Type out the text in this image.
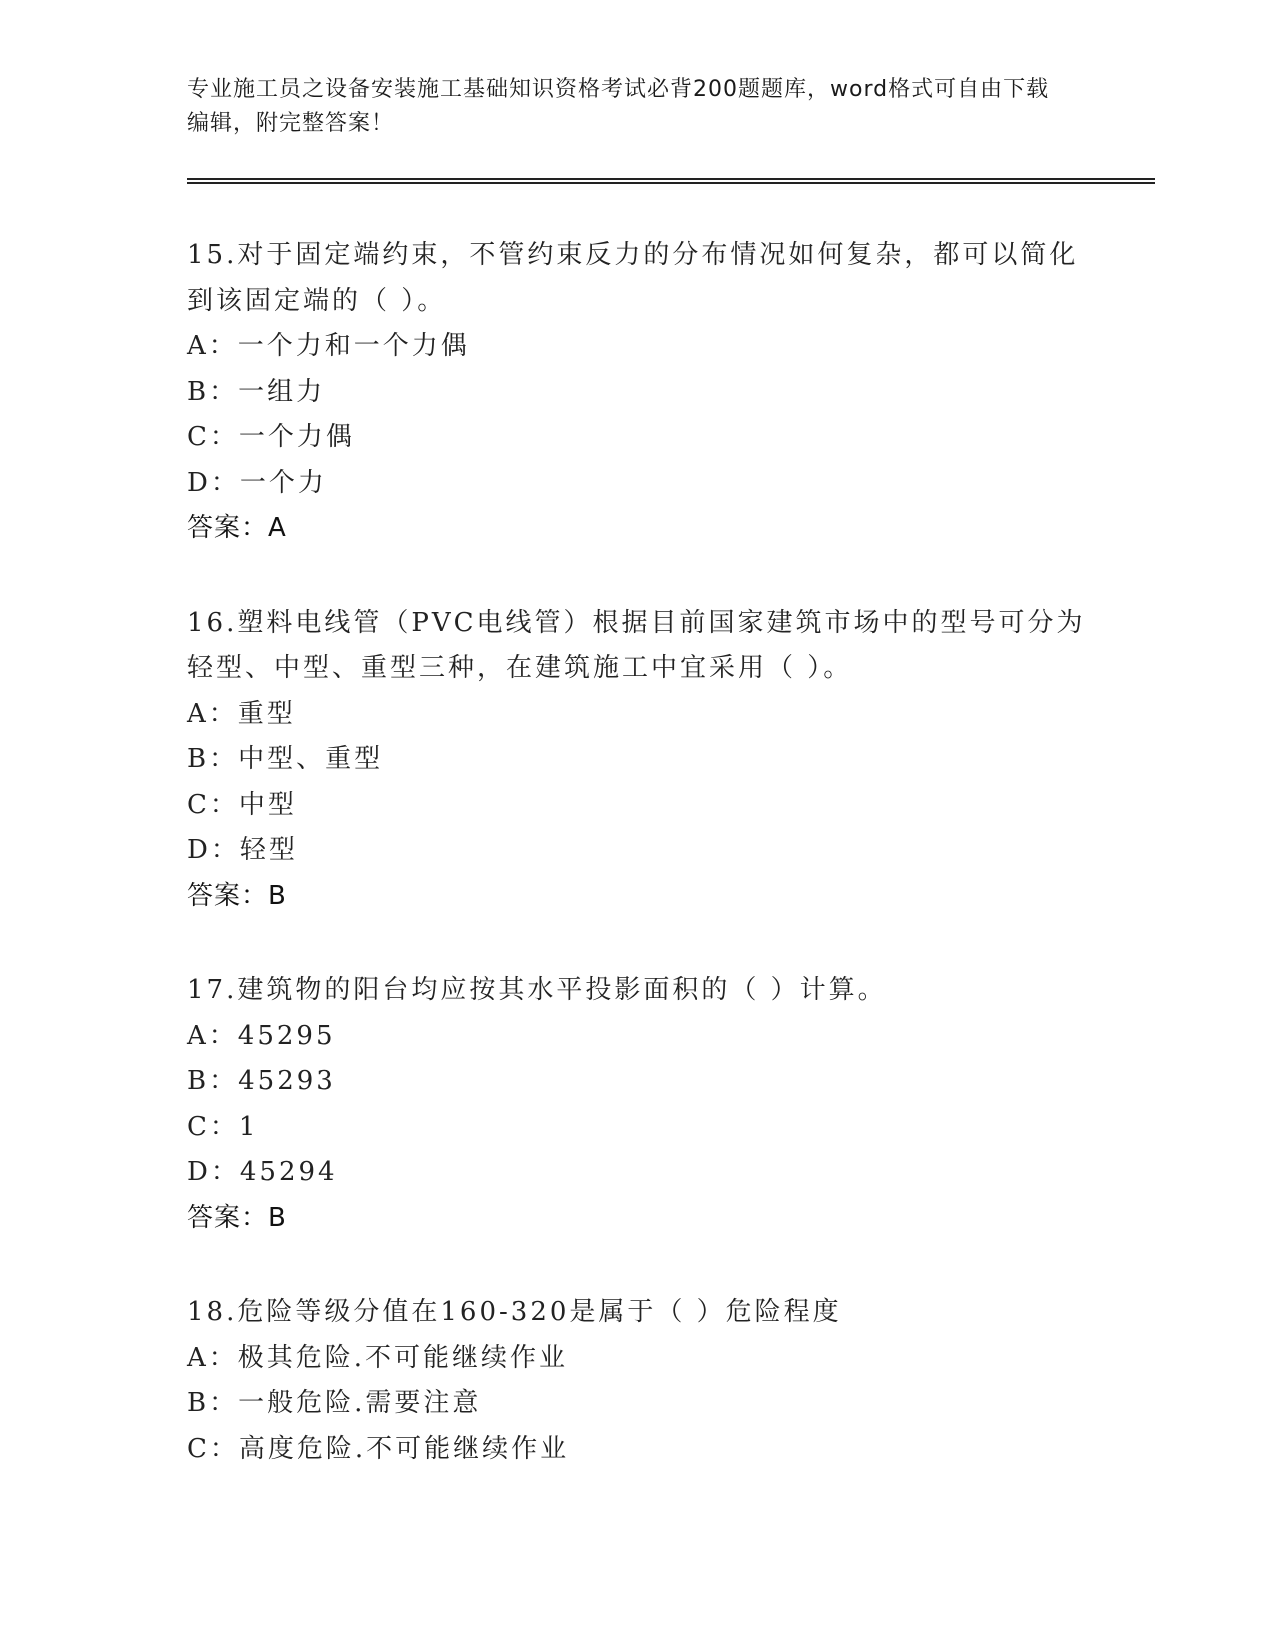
专业施工员之设备安装施工基础知识资格考试必背200题题库，word格式可自由下载编辑，附完整答案！
15.对于固定端约束，不管约束反力的分布情况如何复杂，都可以简化到该固定端的（ ）。
A：一个力和一个力偶
B：一组力
C：一个力偶
D：一个力
答案：A
16.塑料电线管（PVC电线管）根据目前国家建筑市场中的型号可分为轻型、中型、重型三种，在建筑施工中宜采用（ ）。
A：重型
B：中型、重型
C：中型
D：轻型
答案：B
17.建筑物的阳台均应按其水平投影面积的（ ）计算。
A：45295
B：45293
C：1
D：45294
答案：B
18.危险等级分值在160-320是属于（ ）危险程度
A：极其危险.不可能继续作业
B：一般危险.需要注意
C：高度危险.不可能继续作业
